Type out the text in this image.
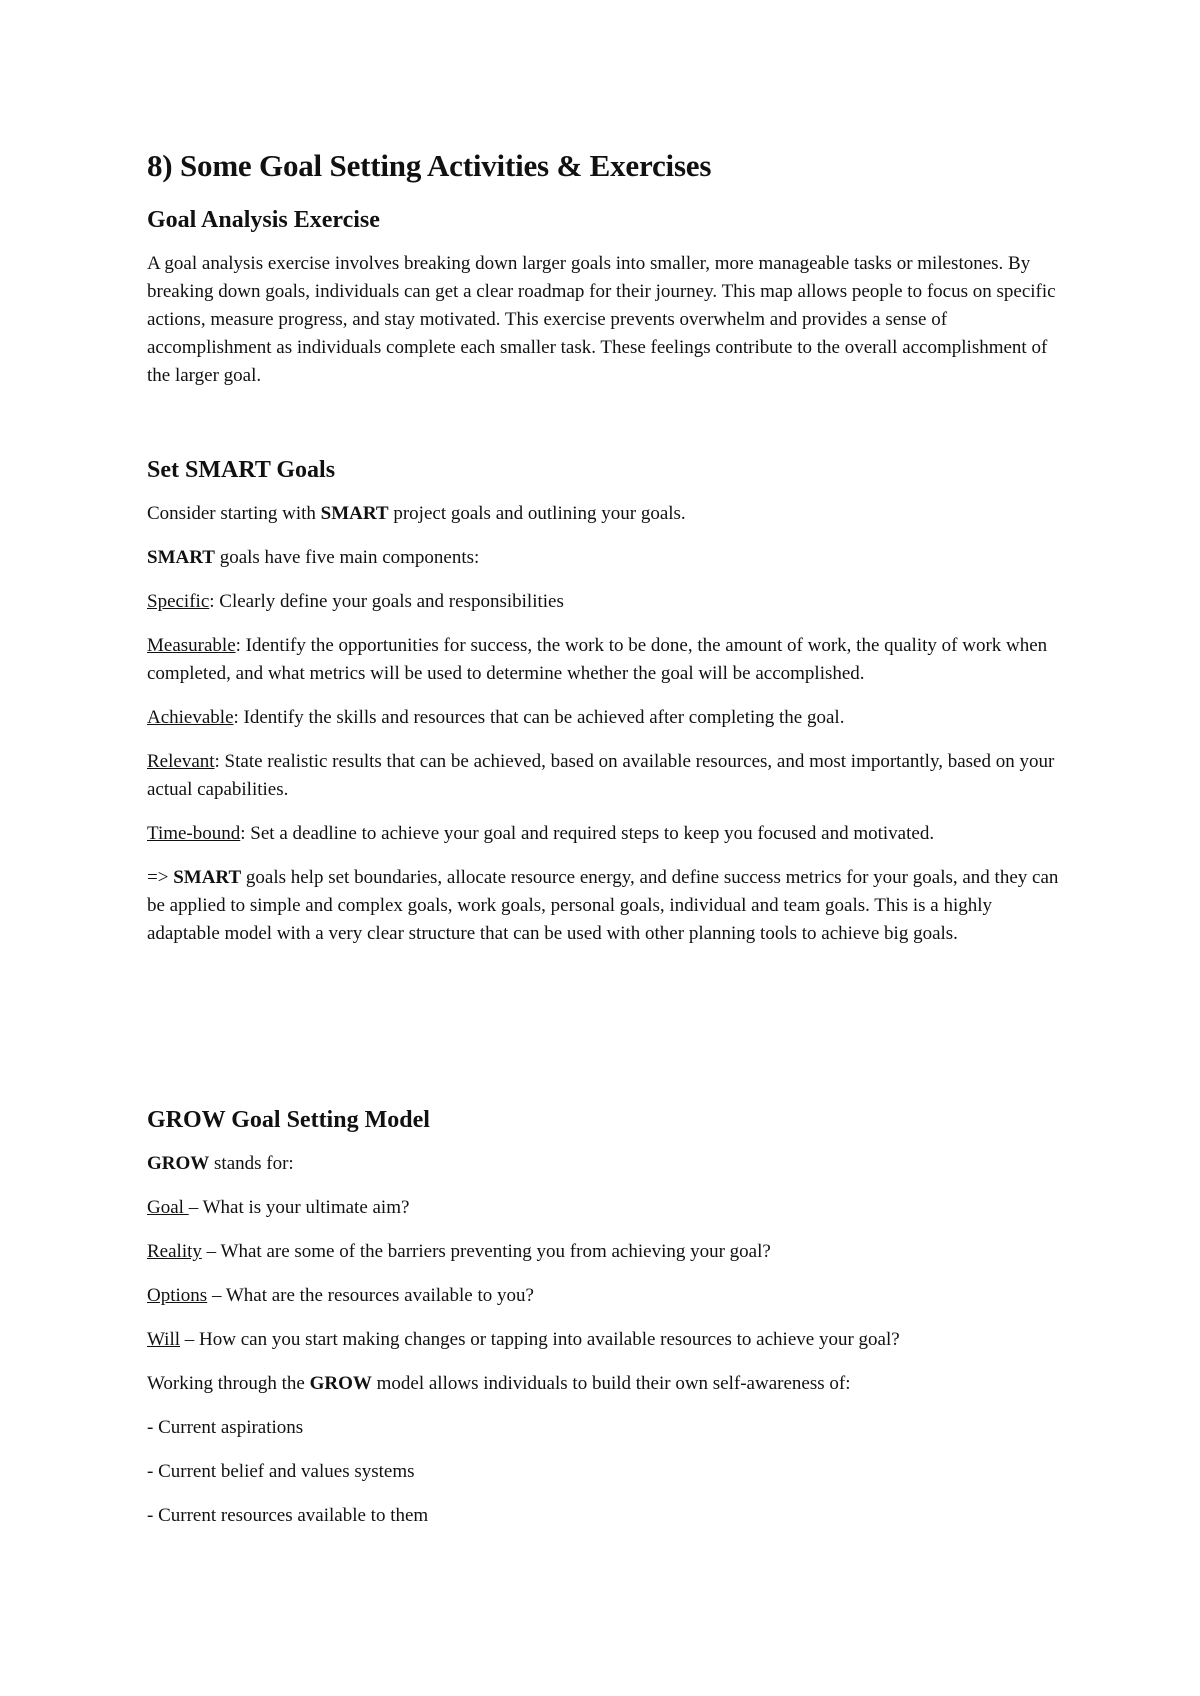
8) Some Goal Setting Activities & Exercises
Goal Analysis Exercise

A goal analysis exercise involves breaking down larger goals into smaller, more manageable tasks or milestones. By breaking down goals, individuals can get a clear roadmap for their journey. This map allows people to focus on specific actions, measure progress, and stay motivated. This exercise prevents overwhelm and provides a sense of accomplishment as individuals complete each smaller task. These feelings contribute to the overall accomplishment of the larger goal.

Set SMART Goals

Consider starting with SMART project goals and outlining your goals.

SMART goals have five main components:

Specific: Clearly define your goals and responsibilities

Measurable: Identify the opportunities for success, the work to be done, the amount of work, the quality of work when completed, and what metrics will be used to determine whether the goal will be accomplished.

Achievable: Identify the skills and resources that can be achieved after completing the goal.

Relevant: State realistic results that can be achieved, based on available resources, and most importantly, based on your actual capabilities.

Time-bound: Set a deadline to achieve your goal and required steps to keep you focused and motivated.

=> SMART goals help set boundaries, allocate resource energy, and define success metrics for your goals, and they can be applied to simple and complex goals, work goals, personal goals, individual and team goals. This is a highly adaptable model with a very clear structure that can be used with other planning tools to achieve big goals.

GROW Goal Setting Model

GROW stands for:

Goal – What is your ultimate aim?

Reality – What are some of the barriers preventing you from achieving your goal?

Options – What are the resources available to you?

Will – How can you start making changes or tapping into available resources to achieve your goal?

Working through the GROW model allows individuals to build their own self-awareness of:

- Current aspirations

- Current belief and values systems

- Current resources available to them
